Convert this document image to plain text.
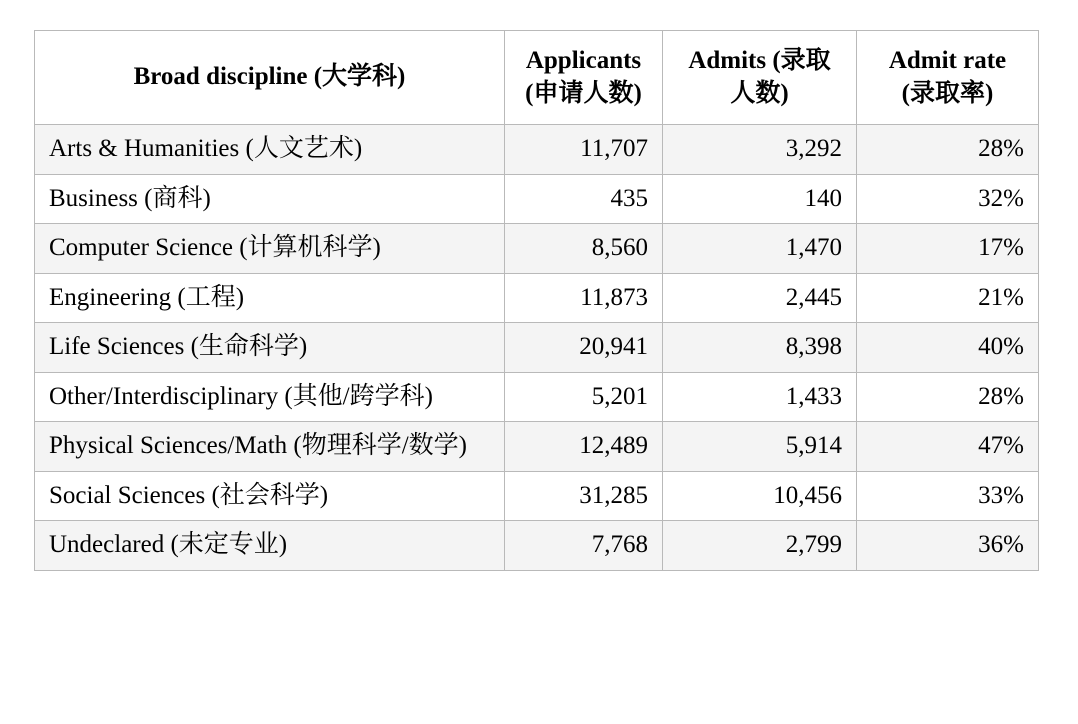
Broad discipline (大学科)	Applicants (申请人数)	Admits (录取人数)	Admit rate (录取率)
Arts & Humanities (人文艺术)	11,707	3,292	28%
Business (商科)	435	140	32%
Computer Science (计算机科学)	8,560	1,470	17%
Engineering (工程)	11,873	2,445	21%
Life Sciences (生命科学)	20,941	8,398	40%
Other/Interdisciplinary (其他/跨学科)	5,201	1,433	28%
Physical Sciences/Math (物理科学/数学)	12,489	5,914	47%
Social Sciences (社会科学)	31,285	10,456	33%
Undeclared (未定专业)	7,768	2,799	36%
